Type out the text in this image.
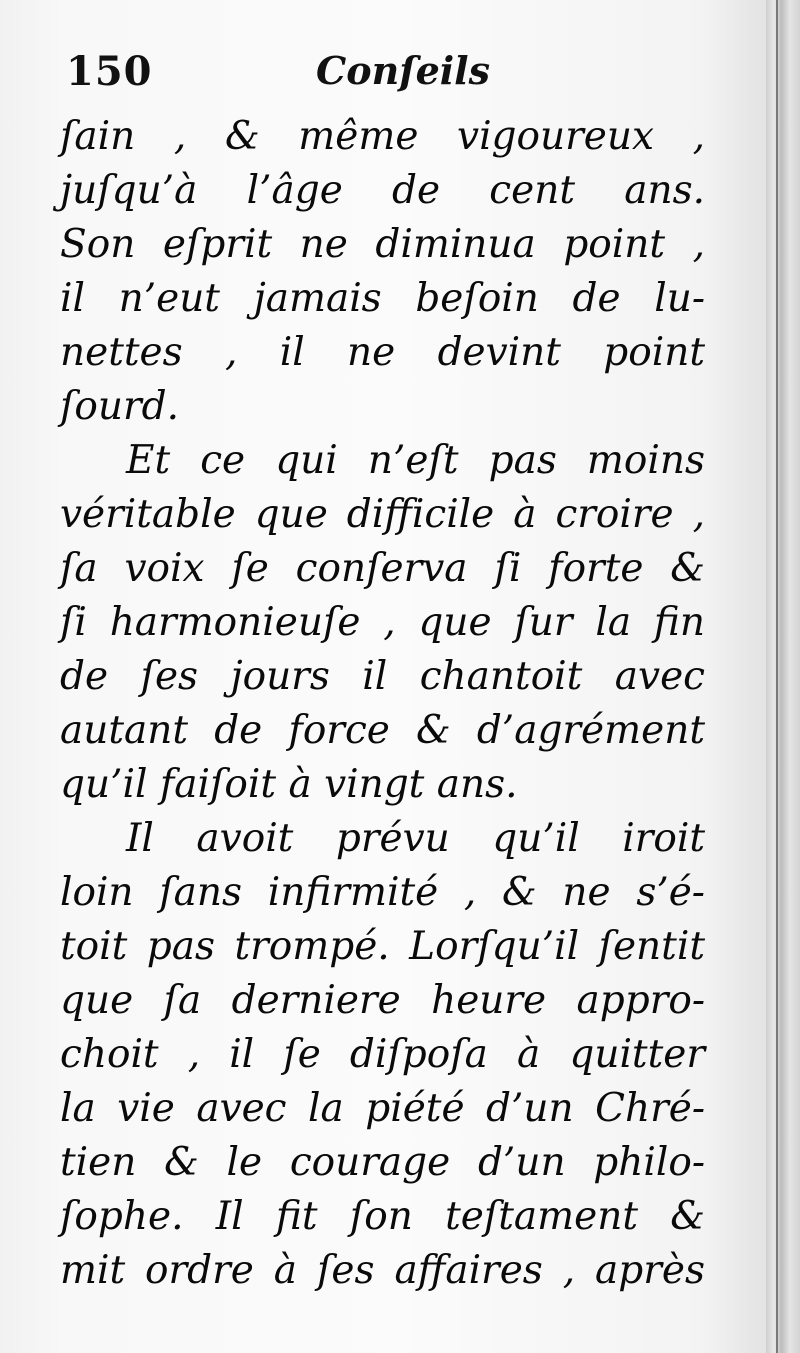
150	Conſeils
ſain , & même vigoureux ,
juſqu’à l’âge de cent ans.
Son eſprit ne diminua point ,
il n’eut jamais beſoin de lu-
nettes , il ne devint point
ſourd.
Et ce qui n’eſt pas moins
véritable que difficile à croire ,
ſa voix ſe conſerva ſi forte &
ſi harmonieuſe , que ſur la fin
de ſes jours il chantoit avec
autant de force & d’agrément
qu’il faiſoit à vingt ans.
Il avoit prévu qu’il iroit
loin ſans infirmité , & ne s’é-
toit pas trompé. Lorſqu’il ſentit
que ſa derniere heure appro-
choit , il ſe diſpoſa à quitter
la vie avec la piété d’un Chré-
tien & le courage d’un philo-
ſophe. Il fit ſon teſtament &
mit ordre à ſes affaires , après
